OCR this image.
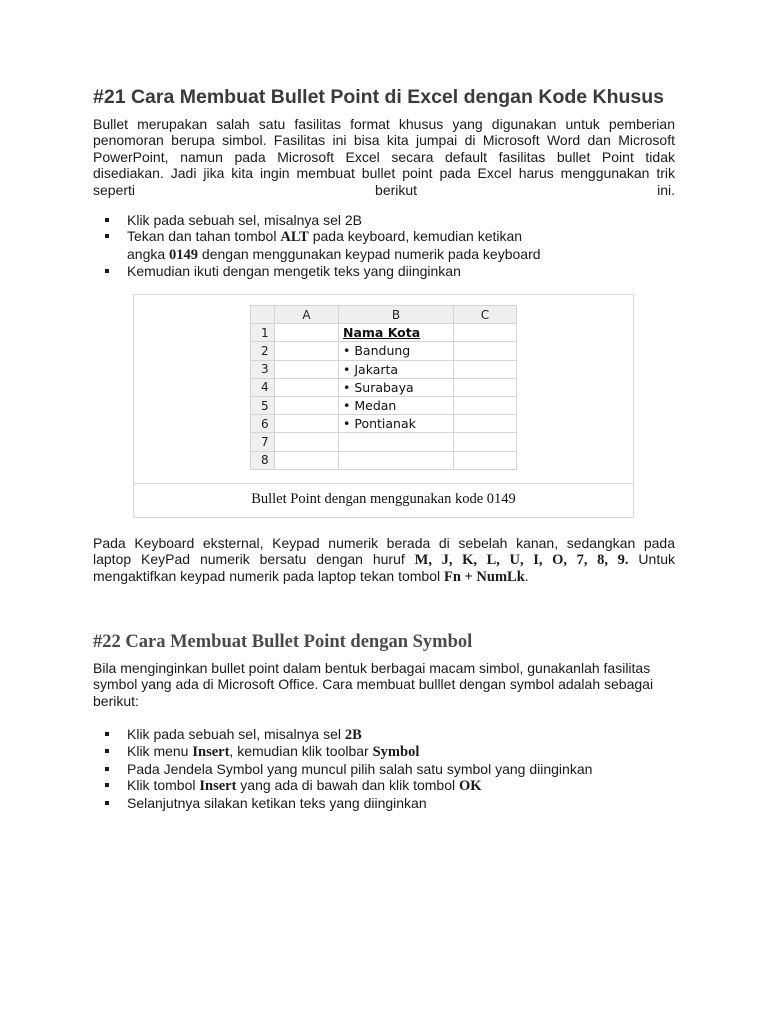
#21 Cara Membuat Bullet Point di Excel dengan Kode Khusus
Bullet merupakan salah satu fasilitas format khusus yang digunakan untuk pemberian
penomoran berupa simbol. Fasilitas ini bisa kita jumpai di Microsoft Word dan Microsoft
PowerPoint, namun pada Microsoft Excel secara default fasilitas bullet Point tidak
disediakan. Jadi jika kita ingin membuat bullet point pada Excel harus menggunakan trik
seperti berikut ini.
Klik pada sebuah sel, misalnya sel 2B
Tekan dan tahan tombol ALT pada keyboard, kemudian ketikan
angka 0149 dengan menggunakan keypad numerik pada keyboard
Kemudian ikuti dengan mengetik teks yang diinginkan
	A	B	C
1		Nama Kota	
2		• Bandung	
3		• Jakarta	
4		• Surabaya	
5		• Medan	
6		• Pontianak	
7			
8			
Bullet Point dengan menggunakan kode 0149
Pada Keyboard eksternal, Keypad numerik berada di sebelah kanan, sedangkan pada
laptop KeyPad numerik bersatu dengan huruf M, J, K, L, U, I, O, 7, 8, 9. Untuk
mengaktifkan keypad numerik pada laptop tekan tombol Fn + NumLk.
#22 Cara Membuat Bullet Point dengan Symbol
Bila menginginkan bullet point dalam bentuk berbagai macam simbol, gunakanlah fasilitas
symbol yang ada di Microsoft Office. Cara membuat bulllet dengan symbol adalah sebagai
berikut:
Klik pada sebuah sel, misalnya sel 2B
Klik menu Insert, kemudian klik toolbar Symbol
Pada Jendela Symbol yang muncul pilih salah satu symbol yang diinginkan
Klik tombol Insert yang ada di bawah dan klik tombol OK
Selanjutnya silakan ketikan teks yang diinginkan
